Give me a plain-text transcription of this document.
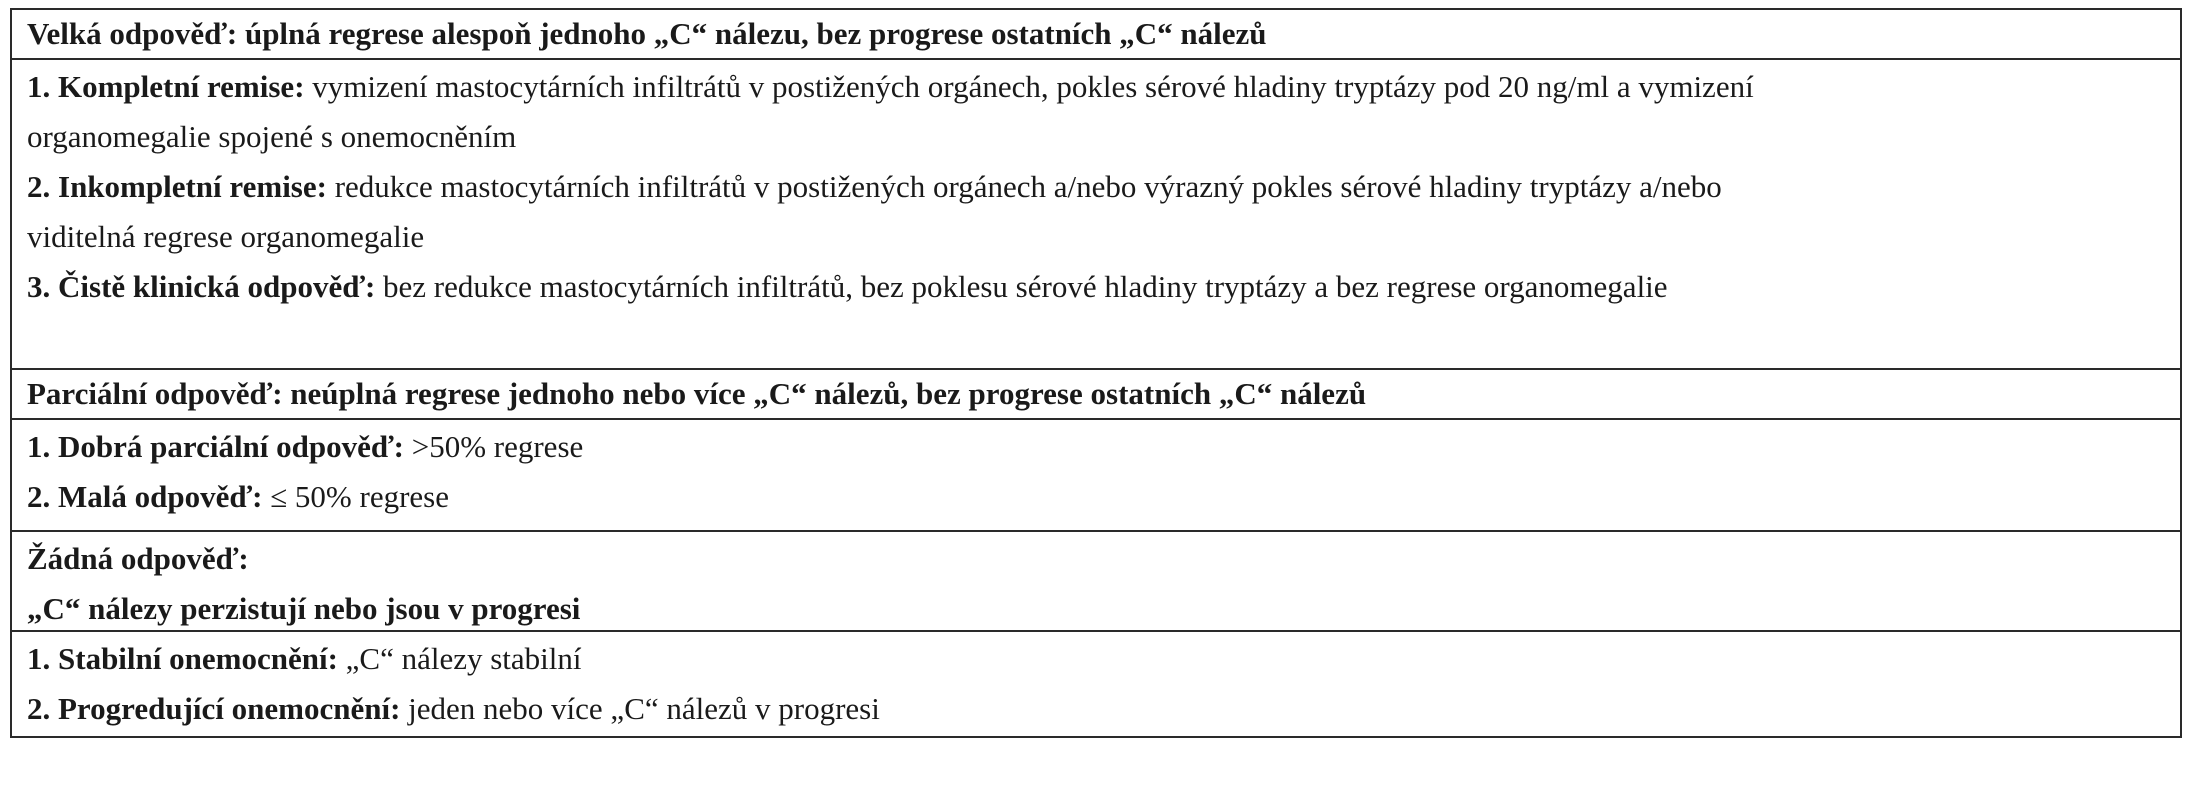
Velká odpověď: úplná regrese alespoň jednoho „C“ nálezu, bez progrese ostatních „C“ nálezů
1. Kompletní remise: vymizení mastocytárních infiltrátů v postižených orgánech, pokles sérové hladiny tryptázy pod 20 ng/ml a vymizení
organomegalie spojené s onemocněním
2. Inkompletní remise: redukce mastocytárních infiltrátů v postižených orgánech a/nebo výrazný pokles sérové hladiny tryptázy a/nebo
viditelná regrese organomegalie
3. Čistě klinická odpověď: bez redukce mastocytárních infiltrátů, bez poklesu sérové hladiny tryptázy a bez regrese organomegalie
Parciální odpověď: neúplná regrese jednoho nebo více „C“ nálezů, bez progrese ostatních „C“ nálezů
1. Dobrá parciální odpověď: >50% regrese
2. Malá odpověď: ≤ 50% regrese
Žádná odpověď:
„C“ nálezy perzistují nebo jsou v progresi
1. Stabilní onemocnění: „C“ nálezy stabilní
2. Progredující onemocnění: jeden nebo více „C“ nálezů v progresi
